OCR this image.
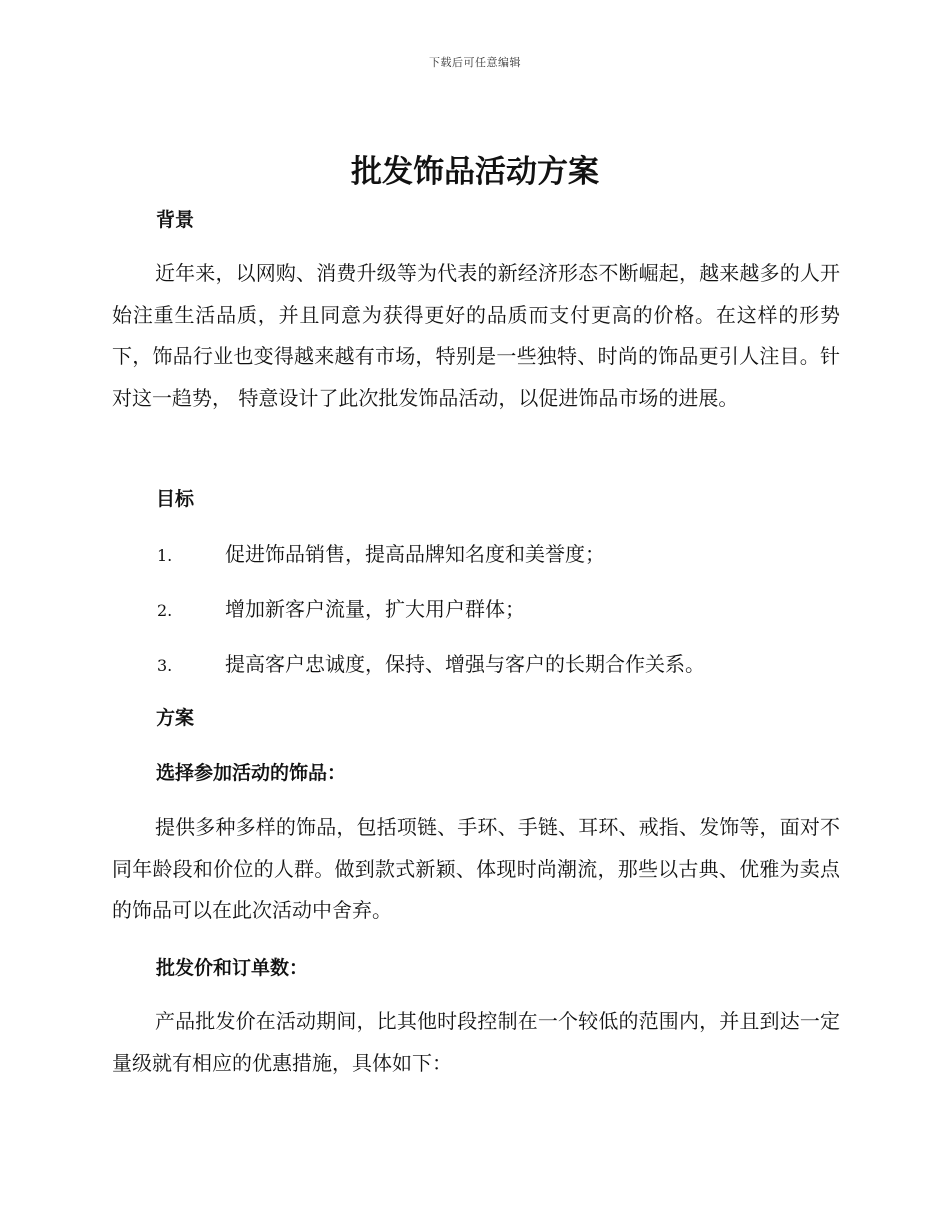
下载后可任意编辑
批发饰品活动方案
背景

近年来，以网购、消费升级等为代表的新经济形态不断崛起，越来越多的人开始注重生活品质，并且同意为获得更好的品质而支付更高的价格。在这样的形势下，饰品行业也变得越来越有市场，特别是一些独特、时尚的饰品更引人注目。针对这一趋势， 特意设计了此次批发饰品活动，以促进饰品市场的进展。

目标
1.	促进饰品销售，提高品牌知名度和美誉度；
2.	增加新客户流量，扩大用户群体；
3.	提高客户忠诚度，保持、增强与客户的长期合作关系。
方案
选择参加活动的饰品：

提供多种多样的饰品，包括项链、手环、手链、耳环、戒指、发饰等，面对不同年龄段和价位的人群。做到款式新颖、体现时尚潮流，那些以古典、优雅为卖点的饰品可以在此次活动中舍弃。

批发价和订单数：

产品批发价在活动期间，比其他时段控制在一个较低的范围内，并且到达一定量级就有相应的优惠措施，具体如下：
